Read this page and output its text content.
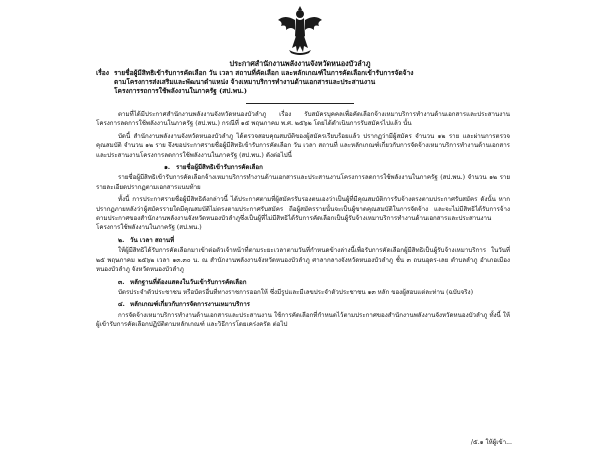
ประกาศสำนักงานพลังงานจังหวัดหนองบัวลำภู
เรื่อง รายชื่อผู้มีสิทธิเข้ารับการคัดเลือก วัน เวลา สถานที่คัดเลือก และหลักเกณฑ์ในการคัดเลือกเข้ารับการจัดจ้าง
ตามโครงการส่งเสริมและพัฒนาตำแหน่ง จ้างเหมาบริการทำงานด้านเอกสารและประสานงาน
โครงการรถการใช้พลังงานในภาครัฐ (สป.พน.)

ตามที่ได้มีประกาศสำนักงานพลังงานจังหวัดหนองบัวลำภู เรื่อง รับสมัครบุคคลเพื่อคัดเลือกจ้างเหมาบริการทำงานด้านเอกสารและประสานงานโครงการลดการใช้พลังงานในภาครัฐ (สป.พน.) กรณีที่ ๑๕ พฤษภาคม พ.ศ. ๒๕๖๒ โดยได้ดำเนินการรับสมัครไปแล้ว นั้น

บัดนี้ สำนักงานพลังงานจังหวัดหนองบัวลำภู ได้ตรวจสอบคุณสมบัติของผู้สมัครเรียบร้อยแล้ว ปรากฏว่ามีผู้สมัคร จำนวน ๑๒ ราย และผ่านการตรวจคุณสมบัติ จำนวน ๑๒ ราย จึงขอประกาศรายชื่อผู้มีสิทธิเข้ารับการคัดเลือก วัน เวลา สถานที่ และหลักเกณฑ์เกี่ยวกับการจัดจ้างเหมาบริการทำงานด้านเอกสารและประสานงานโครงการลดการใช้พลังงานในภาครัฐ (สป.พน.) ดังต่อไปนี้

๑. รายชื่อผู้มีสิทธิเข้ารับการคัดเลือก

รายชื่อผู้มีสิทธิเข้ารับการคัดเลือกจ้างเหมาบริการทำงานด้านเอกสารและประสานงานโครงการลดการใช้พลังงานในภาครัฐ (สป.พน.) จำนวน ๑๒ ราย รายละเอียดปรากฏตามเอกสารแนบท้าย

ทั้งนี้ การประกาศรายชื่อผู้มีสิทธิดังกล่าวนี้ ได้ประกาศตามที่ผู้สมัครรับรองตนเองว่าเป็นผู้ที่มีคุณสมบัติการรับจ้างตรงตามประกาศรับสมัคร ดังนั้น หากปรากฏภายหลังว่าผู้สมัครรายใดมีคุณสมบัติไม่ตรงตามประกาศรับสมัคร ถือผู้สมัครรายนั้นจะเป็นผู้ขาดคุณสมบัติในการจัดจ้าง และจะไม่มีสิทธิได้รับการจ้างตามประกาศของสำนักงานพลังงานจังหวัดหนองบัวลำภูซึ่งเป็นผู้ที่ไม่มีสิทธิได้รับการคัดเลือกเป็นผู้รับจ้างเหมาบริการทำงานด้านเอกสารและประสานงานโครงการใช้พลังงานในภาครัฐ (สป.พน.)

๒. วัน เวลา สถานที่

ให้ผู้มีสิทธิได้รับการคัดเลือกมาเข้าต่อตัวเจ้าหน้าที่ตามระยะเวลาตามวันที่กำหนดข้างล่างนี้เพื่อรับการคัดเลือกผู้มีสิทธิเป็นผู้รับจ้างเหมาบริการ ในวันที่ ๒๕ พฤษภาคม ๒๕๖๒ เวลา ๑๓.๓๐ น. ณ สำนักงานพลังงานจังหวัดหนองบัวลำภู ศาลากลางจังหวัดหนองบัวลำภู ชั้น ๓ ถนนอุดร-เลย ตำบลลำภู อำเภอเมืองหนองบัวลำภู จังหวัดหนองบัวลำภู

๓. หลักฐานที่ต้องแสดงในวันเข้ารับการคัดเลือก

บัตรประจำตัวประชาชน หรือบัตรอื่นที่ทางราชการออกให้ ซึ่งมีรูปและมีเลขประจำตัวประชาชน ๑๓ หลัก ของผู้สอบแต่ละท่าน (ฉบับจริง)

๔. หลักเกณฑ์เกี่ยวกับการจัดการงานเหมาบริการ

การจัดจ้างเหมาบริการทำงานด้านเอกสารและประสานงาน ใช้การคัดเลือกที่กำหนดไว้ตามประกาศของสำนักงานพลังงานจังหวัดหนองบัวลำภู ทั้งนี้ ให้ผู้เข้ารับการคัดเลือกปฏิบัติตามหลักเกณฑ์ และวิธีการโดยเคร่งครัด ต่อไป

/๕.๑ ให้ผู้เข้า...
